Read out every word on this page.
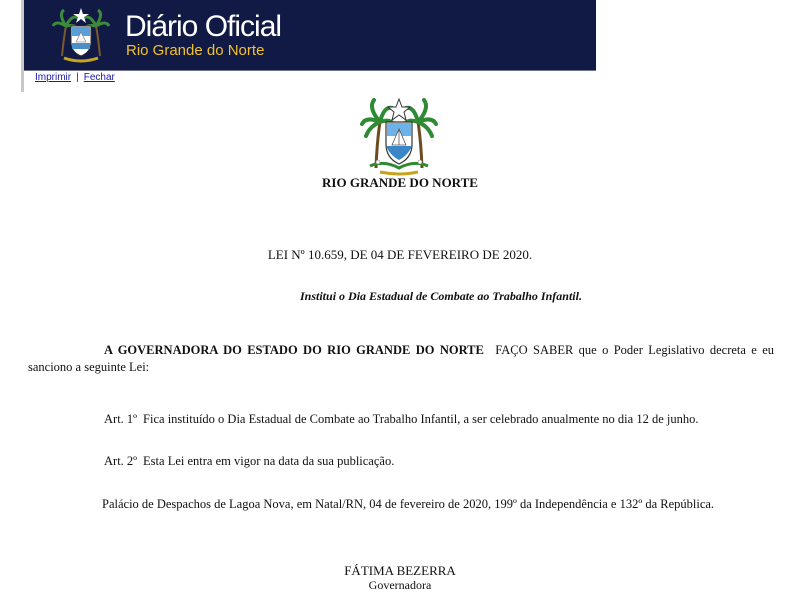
Diário Oficial
Rio Grande do Norte
Imprimir | Fechar
RIO GRANDE DO NORTE
LEI Nº 10.659, DE 04 DE FEVEREIRO DE 2020.
Institui o Dia Estadual de Combate ao Trabalho Infantil.
A GOVERNADORA DO ESTADO DO RIO GRANDE DO NORTE FAÇO SABER que o Poder Legislativo decreta e eu sanciono a seguinte Lei:
Art. 1º Fica instituído o Dia Estadual de Combate ao Trabalho Infantil, a ser celebrado anualmente no dia 12 de junho.
Art. 2º Esta Lei entra em vigor na data da sua publicação.
Palácio de Despachos de Lagoa Nova, em Natal/RN, 04 de fevereiro de 2020, 199º da Independência e 132º da República.
FÁTIMA BEZERRA
Governadora
